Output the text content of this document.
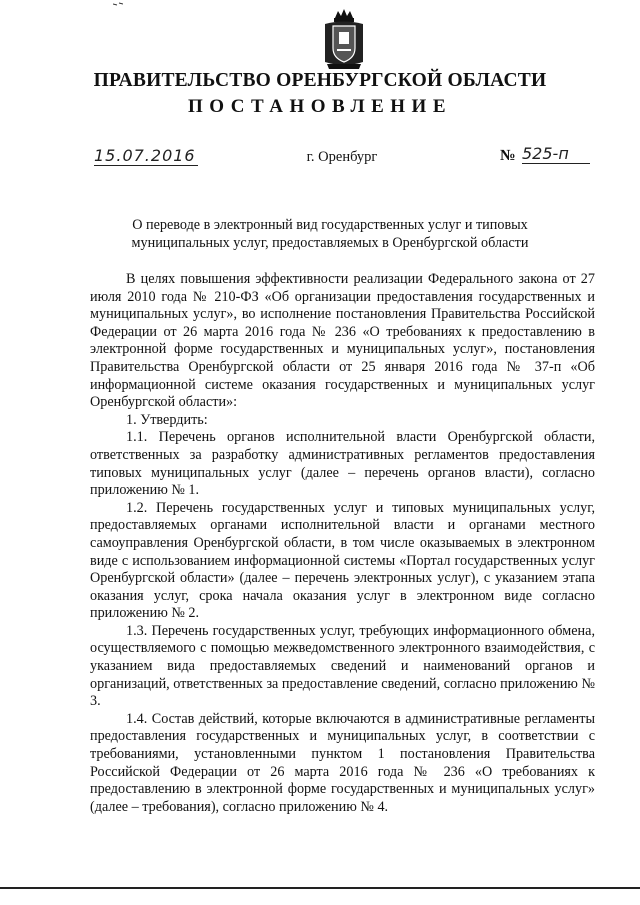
ПРАВИТЕЛЬСТВО ОРЕНБУРГСКОЙ ОБЛАСТИ
ПОСТАНОВЛЕНИЕ
15.07.2016	г. Оренбург	№ 525-п
О переводе в электронный вид государственных услуг и типовых муниципальных услуг, предоставляемых в Оренбургской области

В целях повышения эффективности реализации Федерального закона от 27 июля 2010 года № 210-ФЗ «Об организации предоставления государственных и муниципальных услуг», во исполнение постановления Правительства Российской Федерации от 26 марта 2016 года № 236 «О требованиях к предоставлению в электронной форме государственных и муниципальных услуг», постановления Правительства Оренбургской области от 25 января 2016 года № 37-п «Об информационной системе оказания государственных и муниципальных услуг Оренбургской области»:

1. Утвердить:

1.1. Перечень органов исполнительной власти Оренбургской области, ответственных за разработку административных регламентов предоставления типовых муниципальных услуг (далее – перечень органов власти), согласно приложению № 1.

1.2. Перечень государственных услуг и типовых муниципальных услуг, предоставляемых органами исполнительной власти и органами местного самоуправления Оренбургской области, в том числе оказываемых в электронном виде с использованием информационной системы «Портал государственных услуг Оренбургской области» (далее – перечень электронных услуг), с указанием этапа оказания услуг, срока начала оказания услуг в электронном виде согласно приложению № 2.

1.3. Перечень государственных услуг, требующих информационного обмена, осуществляемого с помощью межведомственного электронного взаимодействия, с указанием вида предоставляемых сведений и наименований органов и организаций, ответственных за предоставление сведений, согласно приложению № 3.

1.4. Состав действий, которые включаются в административные регламенты предоставления государственных и муниципальных услуг, в соответствии с требованиями, установленными пунктом 1 постановления Правительства Российской Федерации от 26 марта 2016 года № 236 «О требованиях к предоставлению в электронной форме государственных и муниципальных услуг» (далее – требования), согласно приложению № 4.
